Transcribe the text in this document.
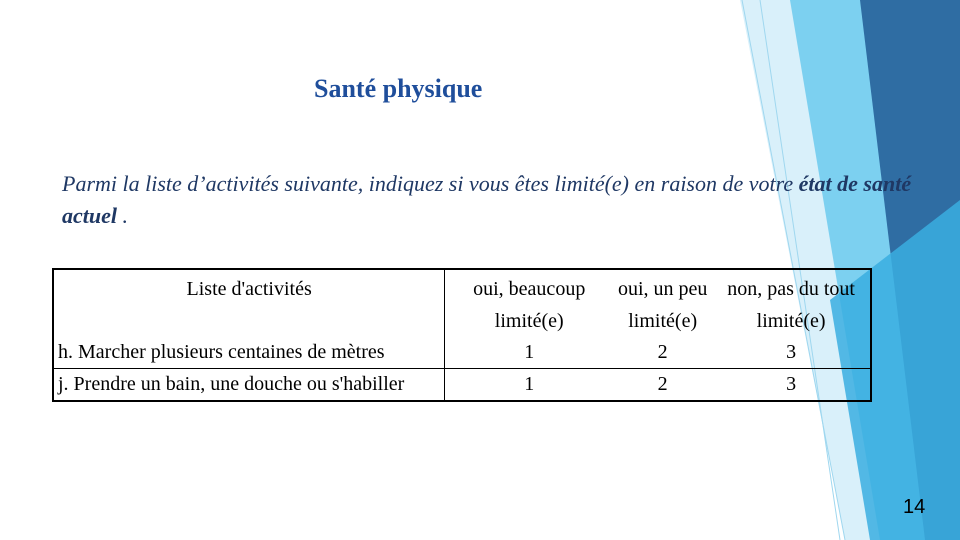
Santé physique
Parmi la liste d’activités suivante, indiquez si vous êtes limité(e) en raison de votre état de santé actuel .
Liste d'activités	oui, beaucoup limité(e)	oui, un peu limité(e)	non, pas du tout limité(e)
h. Marcher plusieurs centaines de mètres	1	2	3
j. Prendre un bain, une douche ou s'habiller	1	2	3
14
